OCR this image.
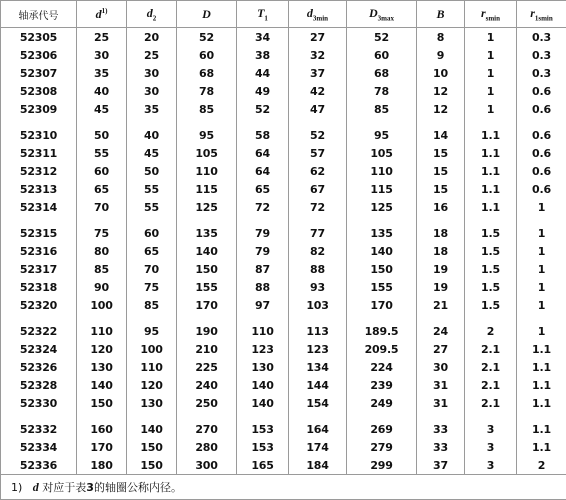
轴承代号	$d^{1)}$	$d_2$	D	$T_1$	$d_{3min}$	$D_{3max}$	B	$r_{smin}$	$r_{1smin}$
52305	25	20	52	34	27	52	8	1	0.3
52306	30	25	60	38	32	60	9	1	0.3
52307	35	30	68	44	37	68	10	1	0.3
52308	40	30	78	49	42	78	12	1	0.6
52309	45	35	85	52	47	85	12	1	0.6

52310	50	40	95	58	52	95	14	1.1	0.6
52311	55	45	105	64	57	105	15	1.1	0.6
52312	60	50	110	64	62	110	15	1.1	0.6
52313	65	55	115	65	67	115	15	1.1	0.6
52314	70	55	125	72	72	125	16	1.1	1

52315	75	60	135	79	77	135	18	1.5	1
52316	80	65	140	79	82	140	18	1.5	1
52317	85	70	150	87	88	150	19	1.5	1
52318	90	75	155	88	93	155	19	1.5	1
52320	100	85	170	97	103	170	21	1.5	1

52322	110	95	190	110	113	189.5	24	2	1
52324	120	100	210	123	123	209.5	27	2.1	1.1
52326	130	110	225	130	134	224	30	2.1	1.1
52328	140	120	240	140	144	239	31	2.1	1.1
52330	150	130	250	140	154	249	31	2.1	1.1

52332	160	140	270	153	164	269	33	3	1.1
52334	170	150	280	153	174	279	33	3	1.1
52336	180	150	300	165	184	299	37	3	2
1) d 对应于表3的轴圈公称内径。									
